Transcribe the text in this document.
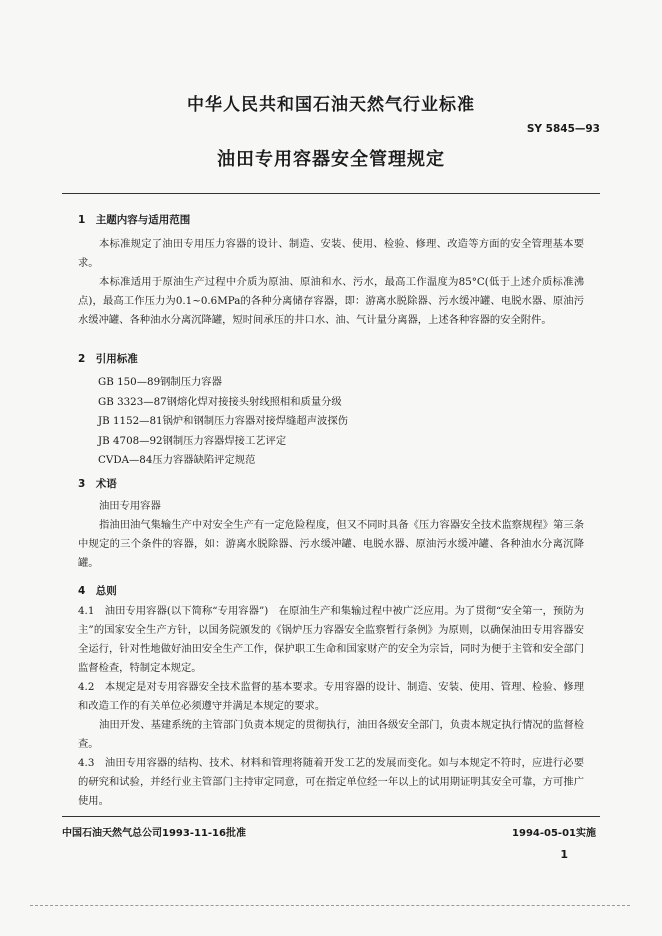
中华人民共和国石油天然气行业标准
SY 5845—93
油田专用容器安全管理规定
1　主题内容与适用范围

本标准规定了油田专用压力容器的设计、制造、安装、使用、检验、修理、改造等方面的安全管理基本要求。

本标准适用于原油生产过程中介质为原油、原油和水、污水，最高工作温度为85°C(低于上述介质标准沸点)，最高工作压力为0.1~0.6MPa的各种分离储存容器，即：游离水脱除器、污水缓冲罐、电脱水器、原油污水缓冲罐、各种油水分离沉降罐，短时间承压的井口水、油、气计量分离器，上述各种容器的安全附件。

2　引用标准
GB 150—89钢制压力容器
GB 3323—87钢熔化焊对接接头射线照相和质量分级
JB 1152—81锅炉和钢制压力容器对接焊缝超声波探伤
JB 4708—92钢制压力容器焊接工艺评定
CVDA—84压力容器缺陷评定规范
3　术语

油田专用容器

指油田油气集输生产中对安全生产有一定危险程度，但又不同时具备《压力容器安全技术监察规程》第三条中规定的三个条件的容器，如：游离水脱除器、污水缓冲罐、电脱水器、原油污水缓冲罐、各种油水分离沉降罐。

4　总则

4.1　油田专用容器(以下简称“专用容器”)　在原油生产和集输过程中被广泛应用。为了贯彻“安全第一，预防为主”的国家安全生产方针，以国务院颁发的《锅炉压力容器安全监察暂行条例》为原则，以确保油田专用容器安全运行，针对性地做好油田安全生产工作，保护职工生命和国家财产的安全为宗旨，同时为便于主管和安全部门监督检查，特制定本规定。

4.2　本规定是对专用容器安全技术监督的基本要求。专用容器的设计、制造、安装、使用、管理、检验、修理和改造工作的有关单位必须遵守并满足本规定的要求。

油田开发、基建系统的主管部门负责本规定的贯彻执行，油田各级安全部门，负责本规定执行情况的监督检查。

4.3　油田专用容器的结构、技术、材料和管理将随着开发工艺的发展而变化。如与本规定不符时，应进行必要的研究和试验，并经行业主管部门主持审定同意，可在指定单位经一年以上的试用期证明其安全可靠，方可推广使用。

中国石油天然气总公司1993-11-16批准	1994-05-01实施
1
